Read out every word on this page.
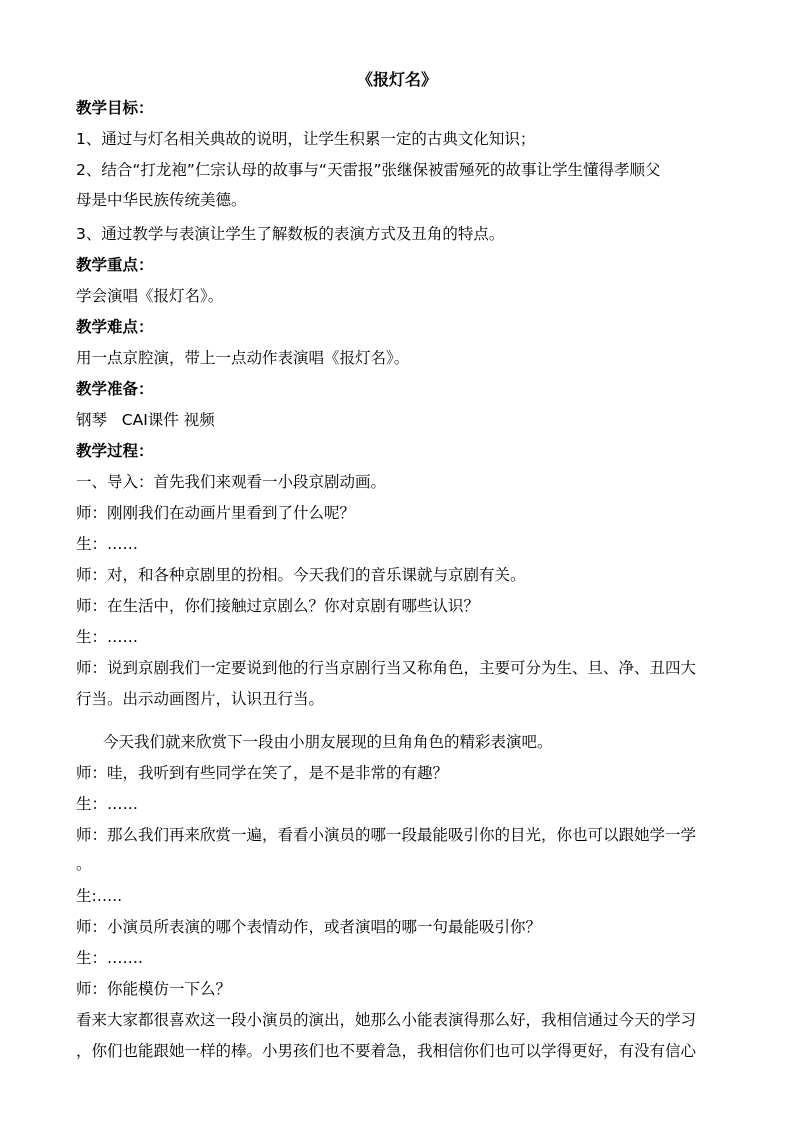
《报灯名》
教学目标：
1、通过与灯名相关典故的说明，让学生积累一定的古典文化知识；
2、结合“打龙袍”仁宗认母的故事与“天雷报”张继保被雷殛死的故事让学生懂得孝顺父
母是中华民族传统美德。
3、通过教学与表演让学生了解数板的表演方式及丑角的特点。
教学重点：
学会演唱《报灯名》。
教学难点：
用一点京腔演，带上一点动作表演唱《报灯名》。
教学准备：
钢琴   CAI课件 视频
教学过程：
一、导入：首先我们来观看一小段京剧动画。
师：刚刚我们在动画片里看到了什么呢？
生：……
师：对，和各种京剧里的扮相。今天我们的音乐课就与京剧有关。
师：在生活中，你们接触过京剧么？你对京剧有哪些认识？
生：……
师：说到京剧我们一定要说到他的行当京剧行当又称角色，主要可分为生、旦、净、丑四大
行当。出示动画图片，认识丑行当。
今天我们就来欣赏下一段由小朋友展现的旦角角色的精彩表演吧。
师：哇，我听到有些同学在笑了，是不是非常的有趣？
生：……
师：那么我们再来欣赏一遍，看看小演员的哪一段最能吸引你的目光，你也可以跟她学一学
。
生:…..
师：小演员所表演的哪个表情动作，或者演唱的哪一句最能吸引你？
生：…….
师：你能模仿一下么？
看来大家都很喜欢这一段小演员的演出，她那么小能表演得那么好，我相信通过今天的学习
，你们也能跟她一样的棒。小男孩们也不要着急，我相信你们也可以学得更好，有没有信心
